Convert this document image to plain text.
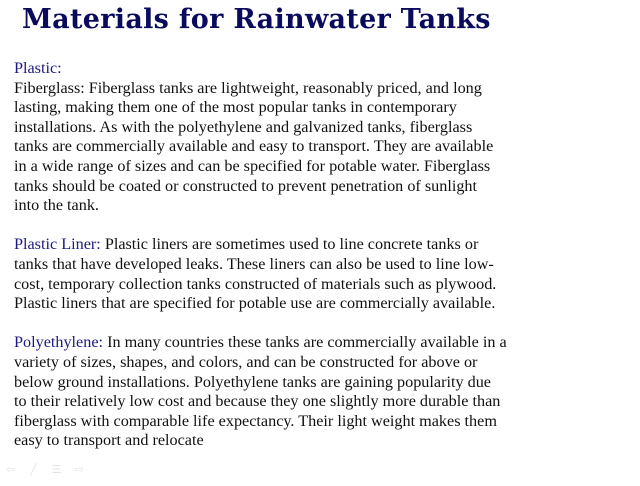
Materials for Rainwater Tanks
Plastic:
Fiberglass: Fiberglass tanks are lightweight, reasonably priced, and long
lasting, making them one of the most popular tanks in contemporary
installations. As with the polyethylene and galvanized tanks, fiberglass
tanks are commercially available and easy to transport. They are available
in a wide range of sizes and can be specified for potable water. Fiberglass
tanks should be coated or constructed to prevent penetration of sunlight
into the tank.
Plastic Liner: Plastic liners are sometimes used to line concrete tanks or
tanks that have developed leaks. These liners can also be used to line low-
cost, temporary collection tanks constructed of materials such as plywood.
Plastic liners that are specified for potable use are commercially available.
Polyethylene: In many countries these tanks are commercially available in a
variety of sizes, shapes, and colors, and can be constructed for above or
below ground installations. Polyethylene tanks are gaining popularity due
to their relatively low cost and because they one slightly more durable than
fiberglass with comparable life expectancy. Their light weight makes them
easy to transport and relocate
⇦ ╱ ☰ ⇨
